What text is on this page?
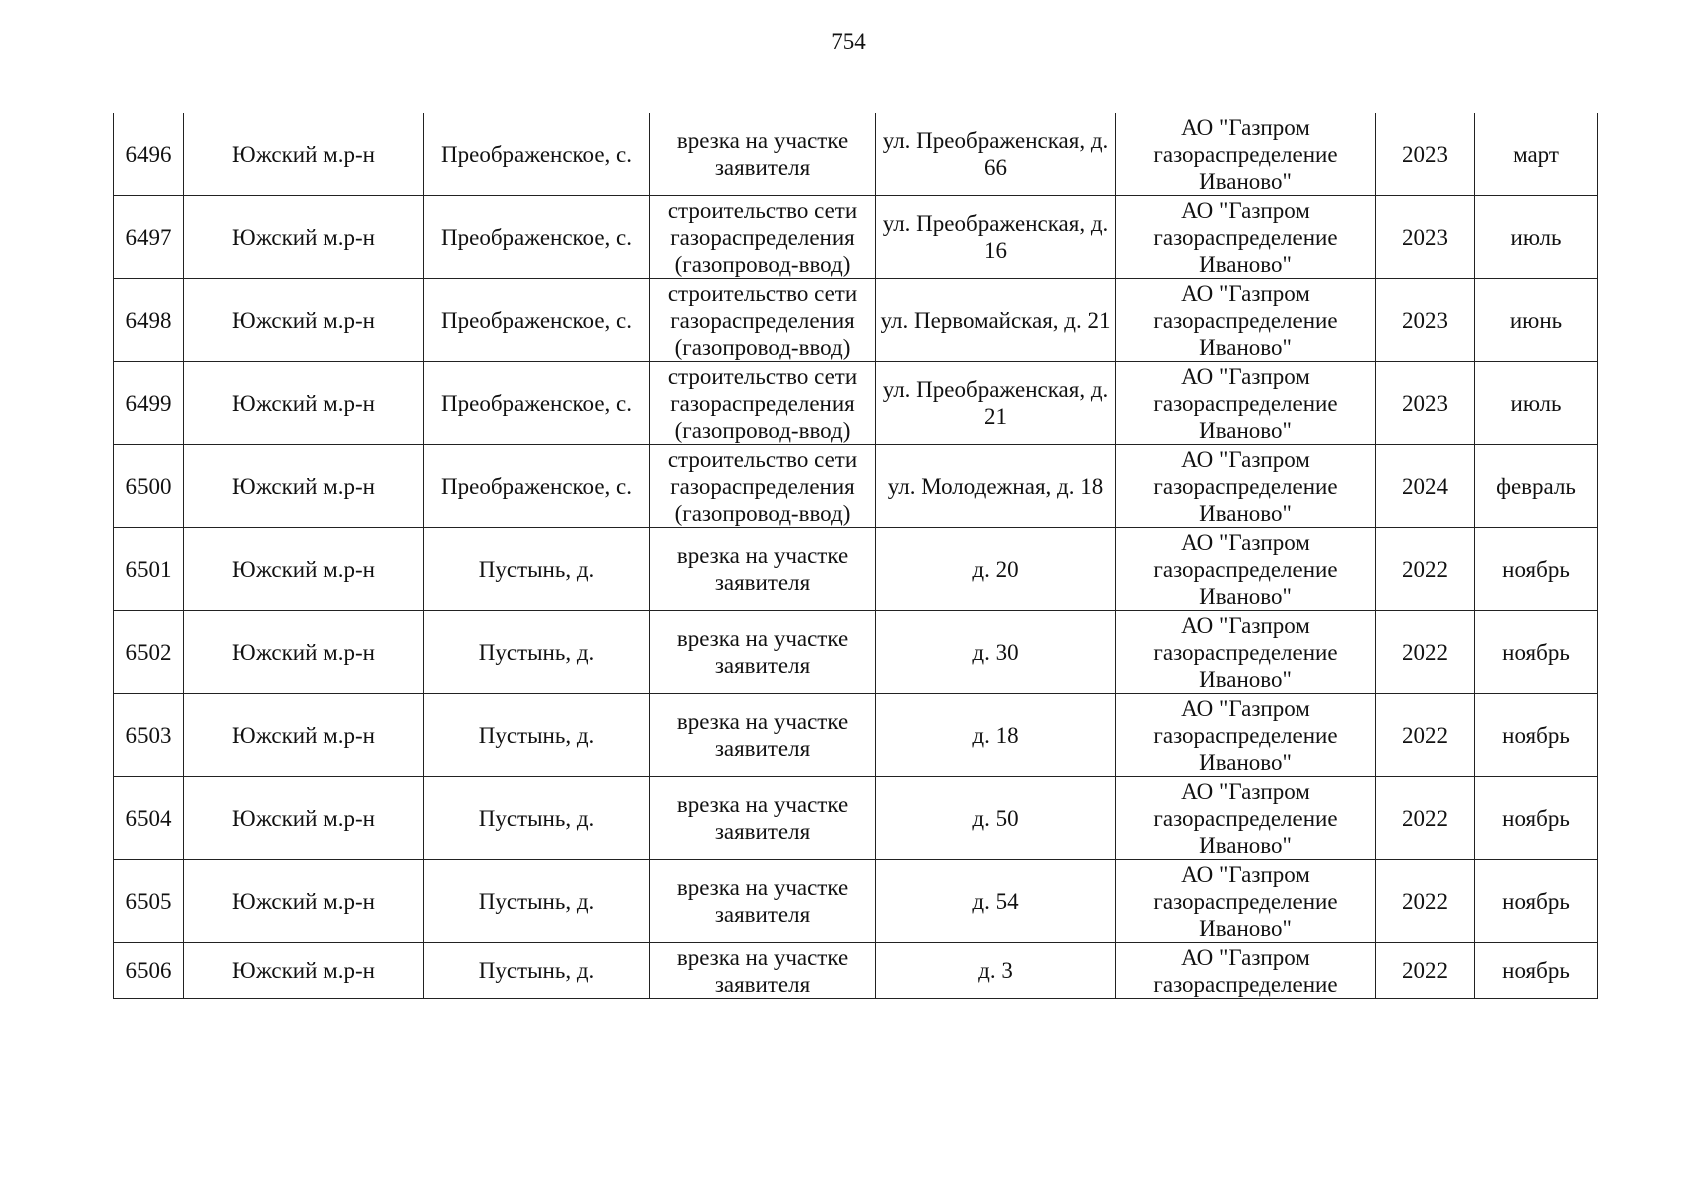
754
6496	Южский м.р-н	Преображенское, с.	врезка на участке заявителя	ул. Преображенская, д. 66	АО "Газпром газораспределение Иваново"	2023	март
6497	Южский м.р-н	Преображенское, с.	строительство сети газораспределения (газопровод-ввод)	ул. Преображенская, д. 16	АО "Газпром газораспределение Иваново"	2023	июль
6498	Южский м.р-н	Преображенское, с.	строительство сети газораспределения (газопровод-ввод)	ул. Первомайская, д. 21	АО "Газпром газораспределение Иваново"	2023	июнь
6499	Южский м.р-н	Преображенское, с.	строительство сети газораспределения (газопровод-ввод)	ул. Преображенская, д. 21	АО "Газпром газораспределение Иваново"	2023	июль
6500	Южский м.р-н	Преображенское, с.	строительство сети газораспределения (газопровод-ввод)	ул. Молодежная, д. 18	АО "Газпром газораспределение Иваново"	2024	февраль
6501	Южский м.р-н	Пустынь, д.	врезка на участке заявителя	д. 20	АО "Газпром газораспределение Иваново"	2022	ноябрь
6502	Южский м.р-н	Пустынь, д.	врезка на участке заявителя	д. 30	АО "Газпром газораспределение Иваново"	2022	ноябрь
6503	Южский м.р-н	Пустынь, д.	врезка на участке заявителя	д. 18	АО "Газпром газораспределение Иваново"	2022	ноябрь
6504	Южский м.р-н	Пустынь, д.	врезка на участке заявителя	д. 50	АО "Газпром газораспределение Иваново"	2022	ноябрь
6505	Южский м.р-н	Пустынь, д.	врезка на участке заявителя	д. 54	АО "Газпром газораспределение Иваново"	2022	ноябрь

6506	Южский м.р-н	Пустынь, д.	врезка на участке заявителя	д. 3	АО "Газпром газораспределение	2022	ноябрь
